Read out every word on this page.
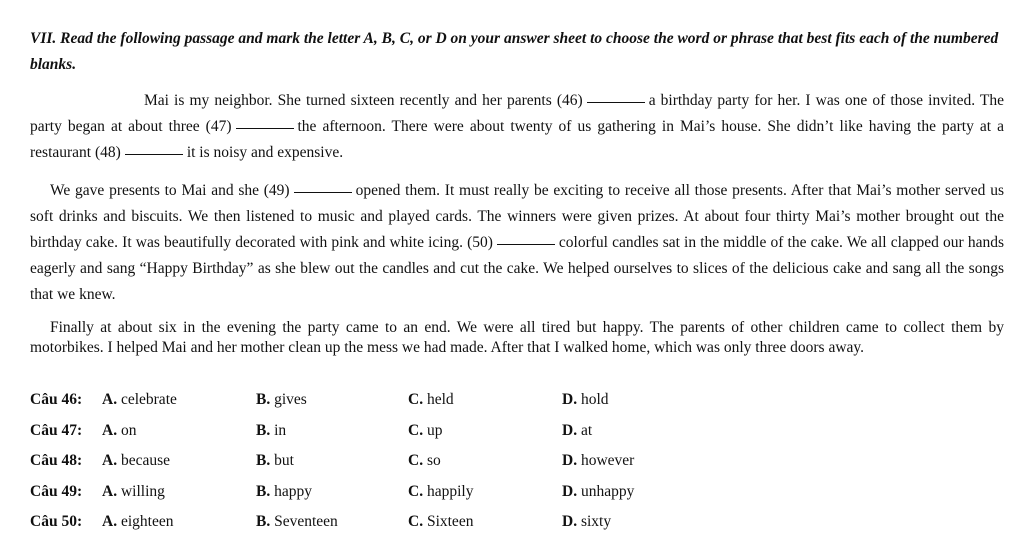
VII. Read the following passage and mark the letter A, B, C, or D on your answer sheet to choose the word or phrase that best fits each of the numbered blanks.
Mai is my neighbor. She turned sixteen recently and her parents (46)	a birthday party for her. I was one of those invited. The party began at about three (47)	the afternoon. There were about twenty of us gathering in Mai’s house. She didn’t like having the party at a restaurant (48)	it is noisy and expensive.
We gave presents to Mai and she (49)	opened them. It must really be exciting to receive all those presents. After that Mai’s mother served us soft drinks and biscuits. We then listened to music and played cards. The winners were given prizes. At about four thirty Mai’s mother brought out the birthday cake. It was beautifully decorated with pink and white icing. (50)	colorful candles sat in the middle of the cake. We all clapped our hands eagerly and sang “Happy Birthday” as she blew out the candles and cut the cake. We helped ourselves to slices of the delicious cake and sang all the songs that we knew.
Finally at about six in the evening the party came to an end. We were all tired but happy. The parents of other children came to collect them by motorbikes. I helped Mai and her mother clean up the mess we had made. After that I walked home, which was only three doors away.
Câu 46: A. celebrate	B. gives	C. held	D. hold
Câu 47: A. on	B. in	C. up	D. at
Câu 48: A. because	B. but	C. so	D. however
Câu 49: A. willing	B. happy	C. happily	D. unhappy
Câu 50: A. eighteen	B. Seventeen	C. Sixteen	D. sixty
